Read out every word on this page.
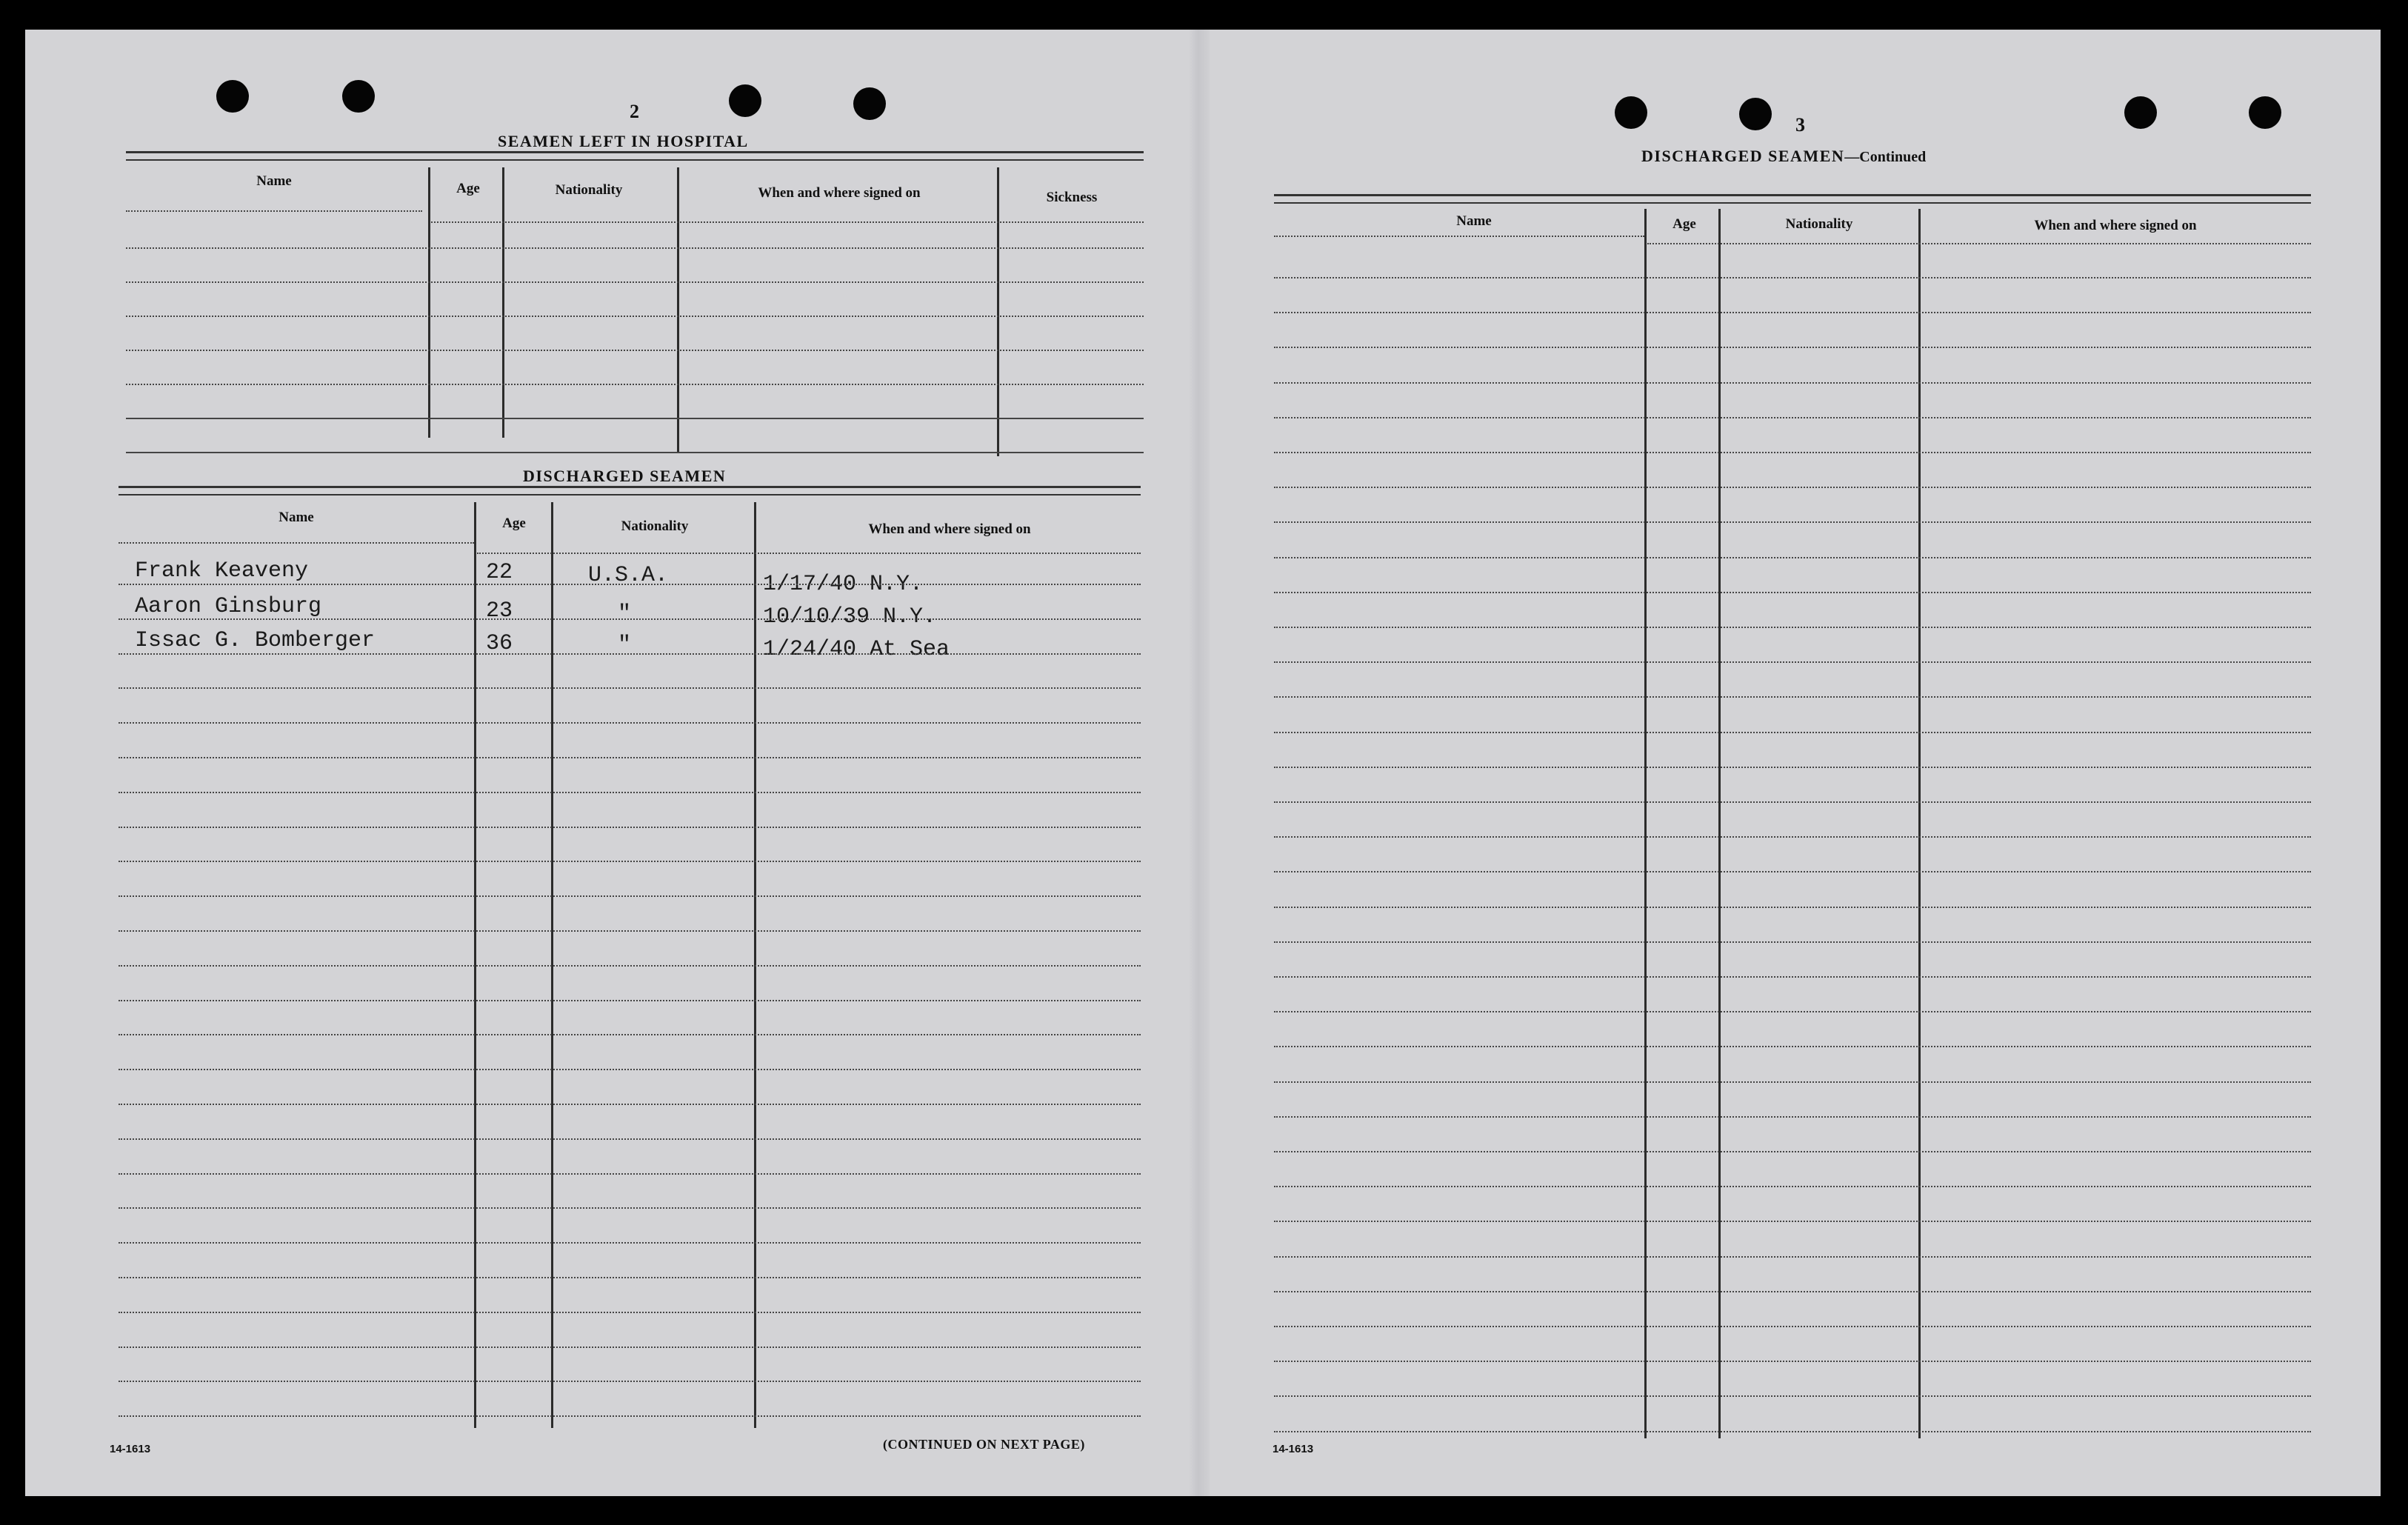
2
SEAMEN LEFT IN HOSPITAL
Name	Age	Nationality	When and where signed on	Sickness
DISCHARGED SEAMEN
Name	Age	Nationality	When and where signed on
Frank Keaveny	22	U.S.A.	1/17/40 N.Y.
Aaron Ginsburg	23	"	10/10/39 N.Y.
Issac G. Bomberger	36	"	1/24/40 At Sea
14-1613	(CONTINUED ON NEXT PAGE)
3
DISCHARGED SEAMEN—Continued
Name	Age	Nationality	When and where signed on
14-1613
